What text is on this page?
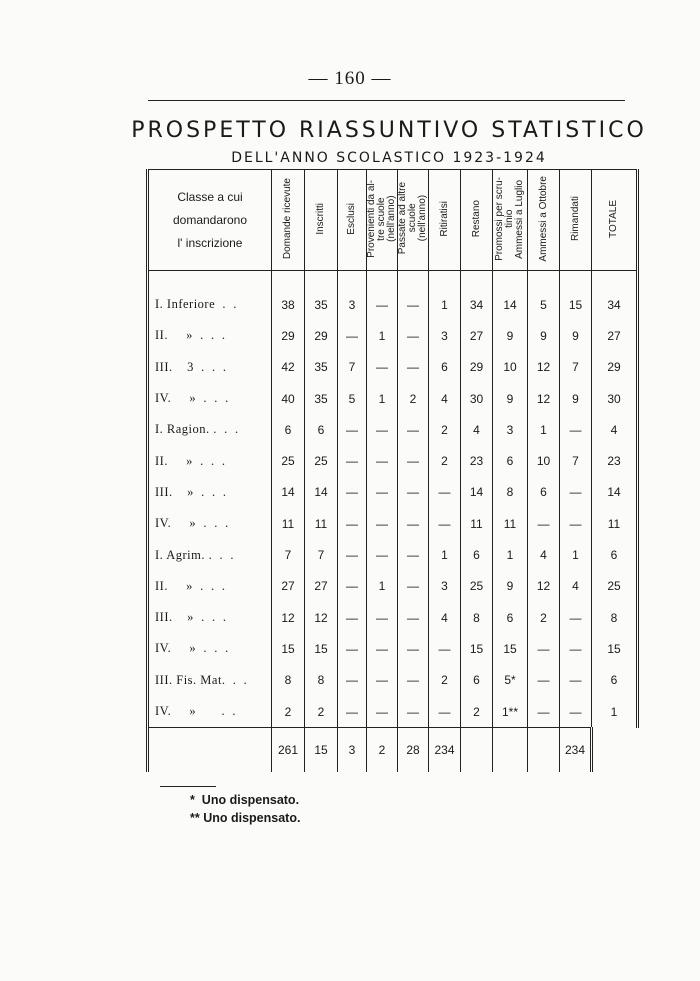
— 160 —
PROSPETTO RIASSUNTIVO STATISTICO
DELL'ANNO SCOLASTICO 1923-1924
Classe a cui
domandarono
l' inscrizione	Domande ricevute	Inscritti	Esclusi	Provenienti da al-
tre scuole
(nell'anno)	Passate ad altre
scuole
(nell'anno)	Ritiratisi	Restano	Promossi per scru-
tinio
Ammessi a Luglio	Ammessi a Ottobre	Rimandati	TOTALE
I. Inferiore  .  .	38	35	3	—	—	1	34	14	5	15	34
II.     »  .  .  .	29	29	—	1	—	3	27	9	9	9	27
III.    3  .  .  .	42	35	7	—	—	6	29	10	12	7	29
IV.     »  .  .  .	40	35	5	1	2	4	30	9	12	9	30
I. Ragion. .  .  .	6	6	—	—	—	2	4	3	1	—	4
II.     »  .  .  .	25	25	—	—	—	2	23	6	10	7	23
III.    »  .  .  .	14	14	—	—	—	—	14	8	6	—	14
IV.     »  .  .  .	11	11	—	—	—	—	11	11	—	—	11
I. Agrim. .  .  .	7	7	—	—	—	1	6	1	4	1	6
II.     »  .  .  .	27	27	—	1	—	3	25	9	12	4	25
III.    »  .  .  .	12	12	—	—	—	4	8	6	2	—	8
IV.     »  .  .  .	15	15	—	—	—	—	15	15	—	—	15
III. Fis. Mat.  .  .	8	8	—	—	—	2	6	5*	—	—	6
IV.     »       .  .	2	2	—	—	—	—	2	1**	—	—	1
	261	15	3	2	28	234				234	
*  Uno dispensato.
** Uno dispensato.
